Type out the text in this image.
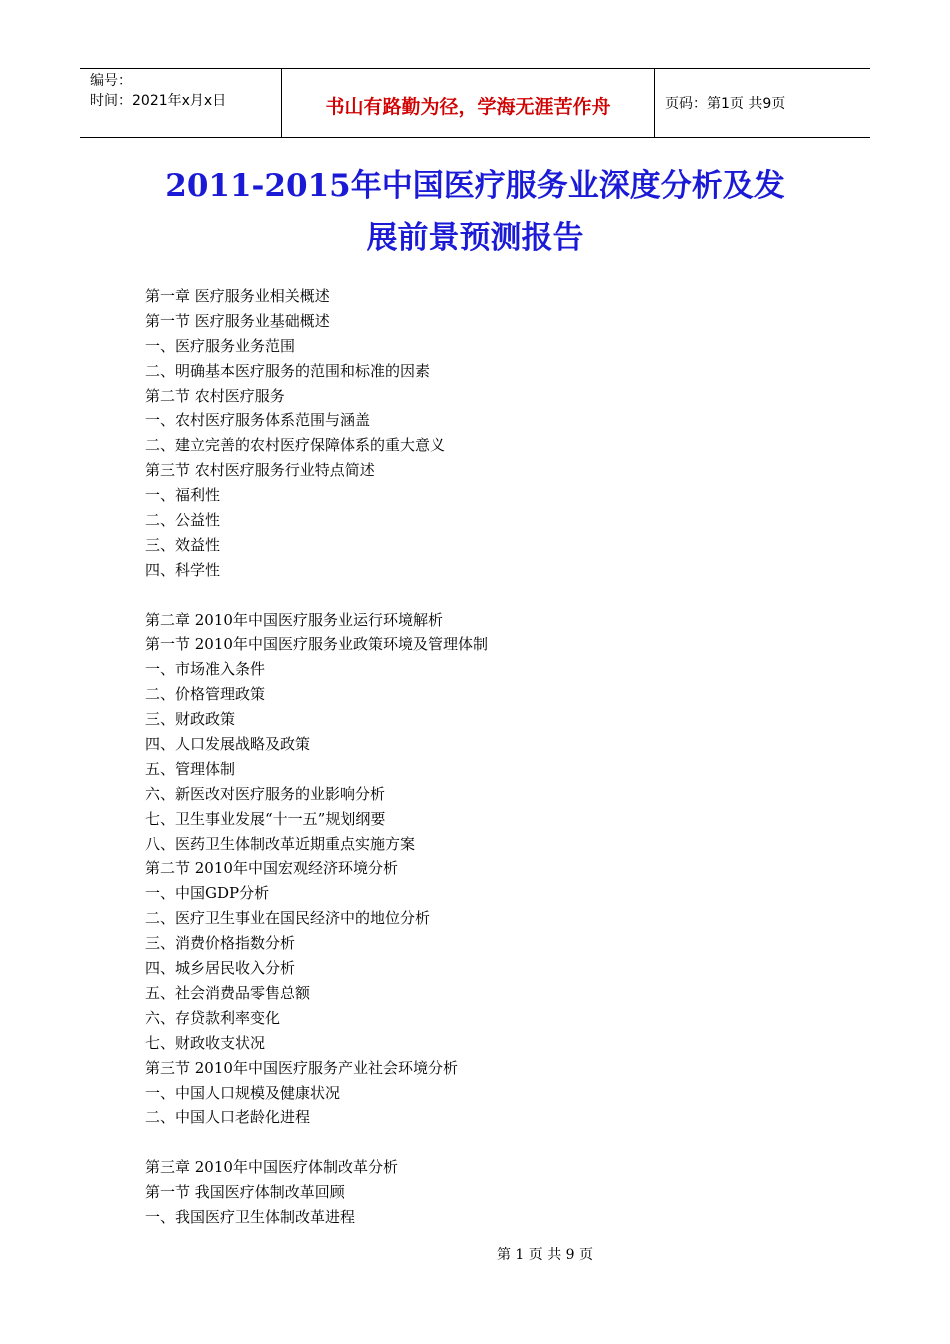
编号：
时间：2021年x月x日	书山有路勤为径，学海无涯苦作舟	页码：第1页 共9页
2011-2015年中国医疗服务业深度分析及发
展前景预测报告
第一章 医疗服务业相关概述
第一节 医疗服务业基础概述
一、医疗服务业务范围
二、明确基本医疗服务的范围和标准的因素
第二节 农村医疗服务
一、农村医疗服务体系范围与涵盖
二、建立完善的农村医疗保障体系的重大意义
第三节 农村医疗服务行业特点简述
一、福利性
二、公益性
三、效益性
四、科学性
第二章 2010年中国医疗服务业运行环境解析
第一节 2010年中国医疗服务业政策环境及管理体制
一、市场准入条件
二、价格管理政策
三、财政政策
四、人口发展战略及政策
五、管理体制
六、新医改对医疗服务的业影响分析
七、卫生事业发展“十一五”规划纲要
八、医药卫生体制改革近期重点实施方案
第二节 2010年中国宏观经济环境分析
一、中国GDP分析
二、医疗卫生事业在国民经济中的地位分析
三、消费价格指数分析
四、城乡居民收入分析
五、社会消费品零售总额
六、存贷款利率变化
七、财政收支状况
第三节 2010年中国医疗服务产业社会环境分析
一、中国人口规模及健康状况
二、中国人口老龄化进程
第三章 2010年中国医疗体制改革分析
第一节 我国医疗体制改革回顾
一、我国医疗卫生体制改革进程
第 1 页 共 9 页
